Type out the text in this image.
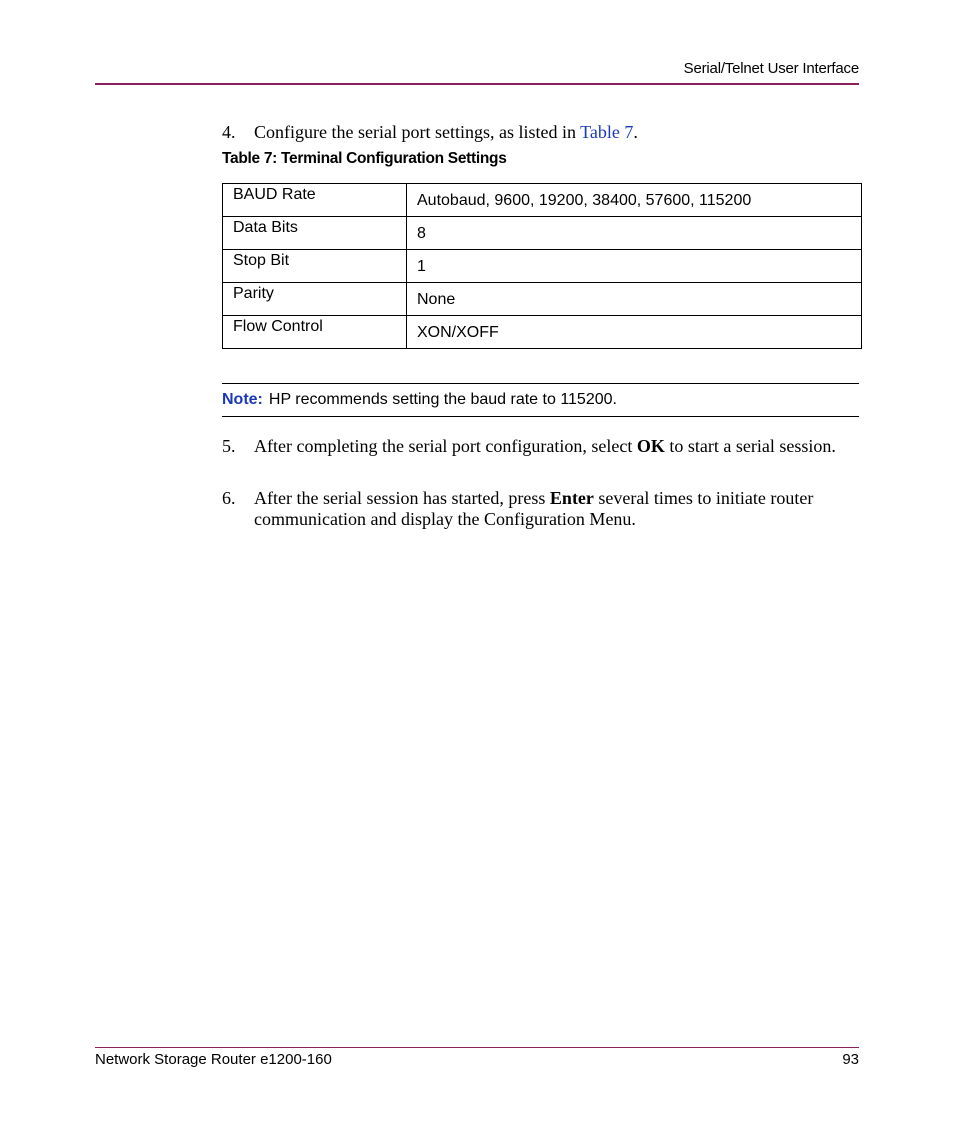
Serial/Telnet User Interface
4.	Configure the serial port settings, as listed in Table 7.
Table 7: Terminal Configuration Settings
BAUD Rate	Autobaud, 9600, 19200, 38400, 57600, 115200
Data Bits	8
Stop Bit	1
Parity	None
Flow Control	XON/XOFF
Note: HP recommends setting the baud rate to 115200.
5.	After completing the serial port configuration, select OK to start a serial session.
6.	After the serial session has started, press Enter several times to initiate router communication and display the Configuration Menu.
Network Storage Router e1200-160	93
